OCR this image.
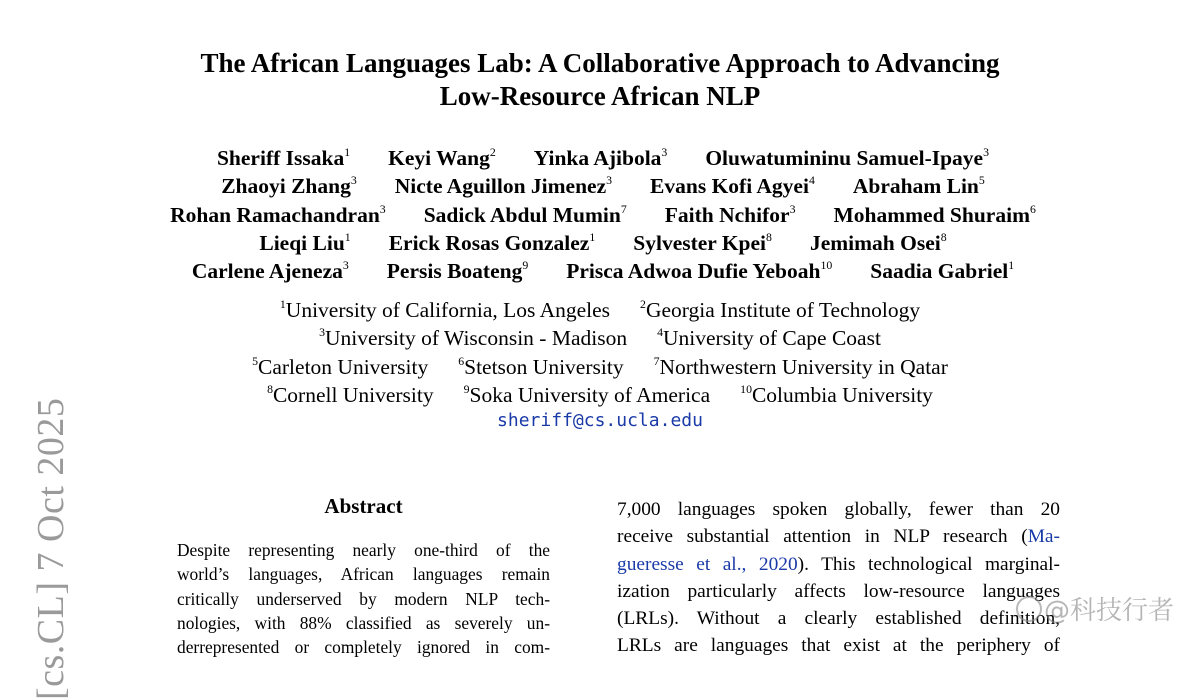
The African Languages Lab: A Collaborative Approach to Advancing
Low-Resource African NLP
Sheriff Issaka$^1$ Keyi Wang$^2$ Yinka Ajibola$^3$ Oluwatumininu Samuel-Ipaye$^3$
Zhaoyi Zhang$^3$ Nicte Aguillon Jimenez$^3$ Evans Kofi Agyei$^4$ Abraham Lin$^5$
Rohan Ramachandran$^3$ Sadick Abdul Mumin$^7$ Faith Nchifor$^3$ Mohammed Shuraim$^6$
Lieqi Liu$^1$ Erick Rosas Gonzalez$^1$ Sylvester Kpei$^8$ Jemimah Osei$^8$
Carlene Ajeneza$^3$ Persis Boateng$^9$ Prisca Adwoa Dufie Yeboah$^{10}$ Saadia Gabriel$^1$
$^1$University of California, Los Angeles	$^2$Georgia Institute of Technology
$^3$University of Wisconsin - Madison	$^4$University of Cape Coast
$^5$Carleton University	$^6$Stetson University	$^7$Northwestern University in Qatar
$^8$Cornell University	$^9$Soka University of America	$^{10}$Columbia University
sheriff@cs.ucla.edu
[cs.CL] 7 Oct 2025	Abstract
Despite representing nearly one-third of the
world’s languages, African languages remain
critically underserved by modern NLP tech-
nologies, with 88% classified as severely un-
derrepresented or completely ignored in com-
7,000 languages spoken globally, fewer than 20
receive substantial attention in NLP research (Ma-
gueresse et al., 2020). This technological marginal-
ization particularly affects low-resource languages
(LRLs). Without a clearly established definition,
LRLs are languages that exist at the periphery of
@科技行者
